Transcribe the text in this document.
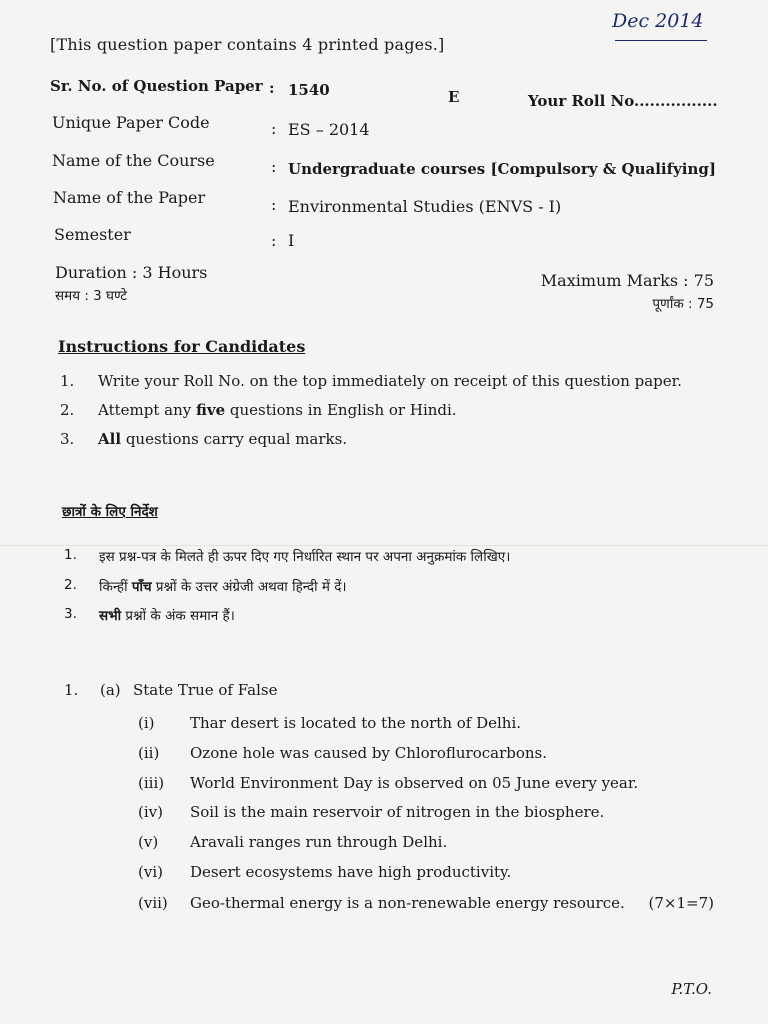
Dec 2014
[This question paper contains 4 printed pages.]
Sr. No. of Question Paper : 1540	E	Your Roll No................
Unique Paper Code	: ES – 2014
Name of the Course	: Undergraduate courses [Compulsory & Qualifying]
Name of the Paper	: Environmental Studies (ENVS - I)
Semester	: I
Duration : 3 Hours
समय : 3 घण्टे
Maximum Marks : 75
पूर्णांक : 75
Instructions for Candidates
1. Write your Roll No. on the top immediately on receipt of this question paper.
2. Attempt any five questions in English or Hindi.
3. All questions carry equal marks.
छात्रों के लिए निर्देश
1. इस प्रश्न-पत्र के मिलते ही ऊपर दिए गए निर्धारित स्थान पर अपना अनुक्रमांक लिखिए।
2. किन्हीं पाँच प्रश्नों के उत्तर अंग्रेजी अथवा हिन्दी में दें।
3. सभी प्रश्नों के अंक समान हैं।
1. (a) State True of False
(i) Thar desert is located to the north of Delhi.
(ii) Ozone hole was caused by Chloroflurocarbons.
(iii) World Environment Day is observed on 05 June every year.
(iv) Soil is the main reservoir of nitrogen in the biosphere.
(v) Aravali ranges run through Delhi.
(vi) Desert ecosystems have high productivity.
(vii) Geo-thermal energy is a non-renewable energy resource. (7×1=7)
P.T.O.
